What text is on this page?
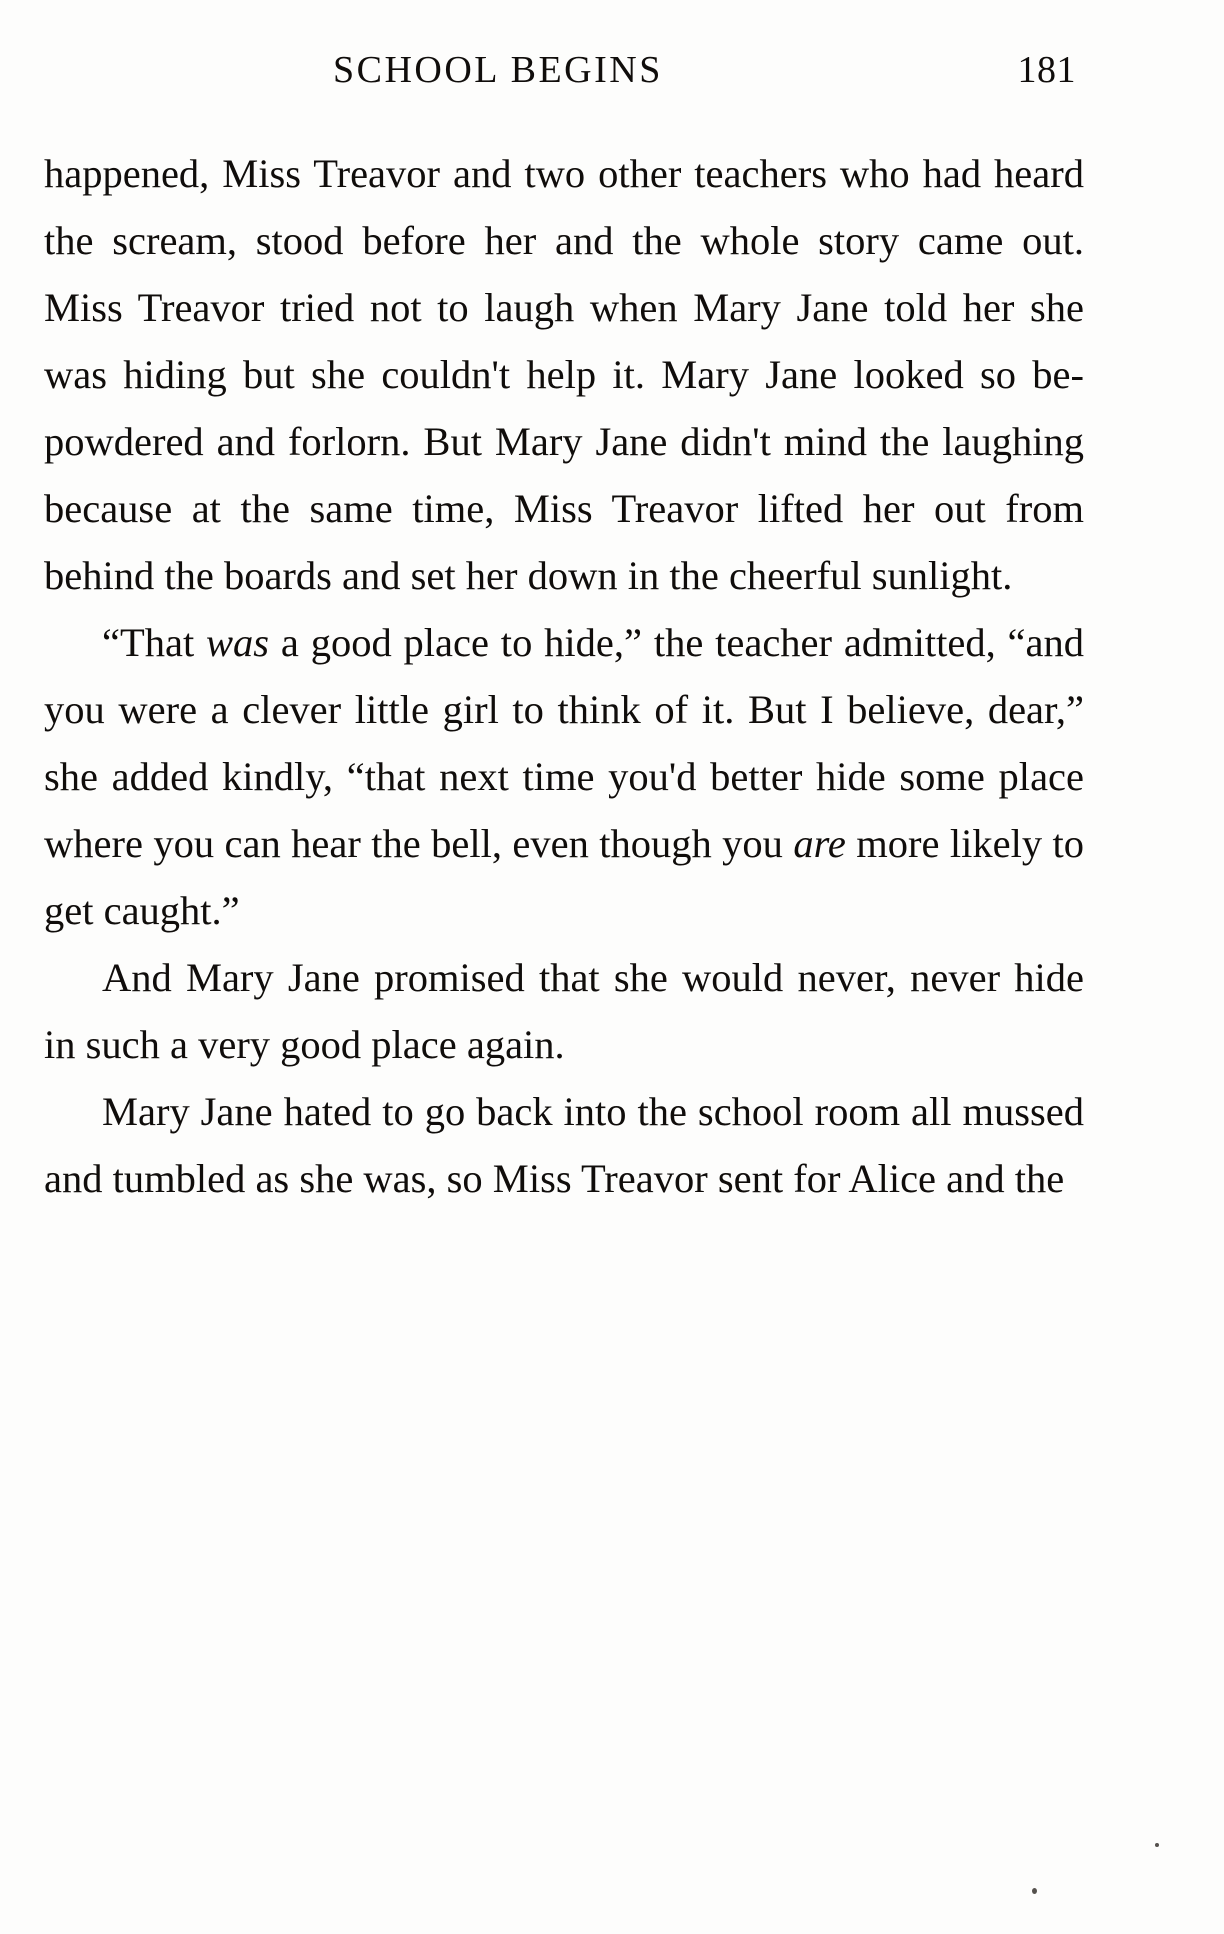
SCHOOL BEGINS	181

happened, Miss Treavor and two other teachers who had heard the scream, stood before her and the whole story came out. Miss Treavor tried not to laugh when Mary Jane told her she was hiding but she couldn't help it. Mary Jane looked so be-powdered and forlorn. But Mary Jane didn't mind the laughing because at the same time, Miss Treavor lifted her out from behind the boards and set her down in the cheerful sunlight.

“That was a good place to hide,” the teacher admitted, “and you were a clever little girl to think of it. But I believe, dear,” she added kindly, “that next time you'd better hide some place where you can hear the bell, even though you are more likely to get caught.”

And Mary Jane promised that she would never, never hide in such a very good place again.

Mary Jane hated to go back into the school room all mussed and tumbled as she was, so Miss Treavor sent for Alice and the
